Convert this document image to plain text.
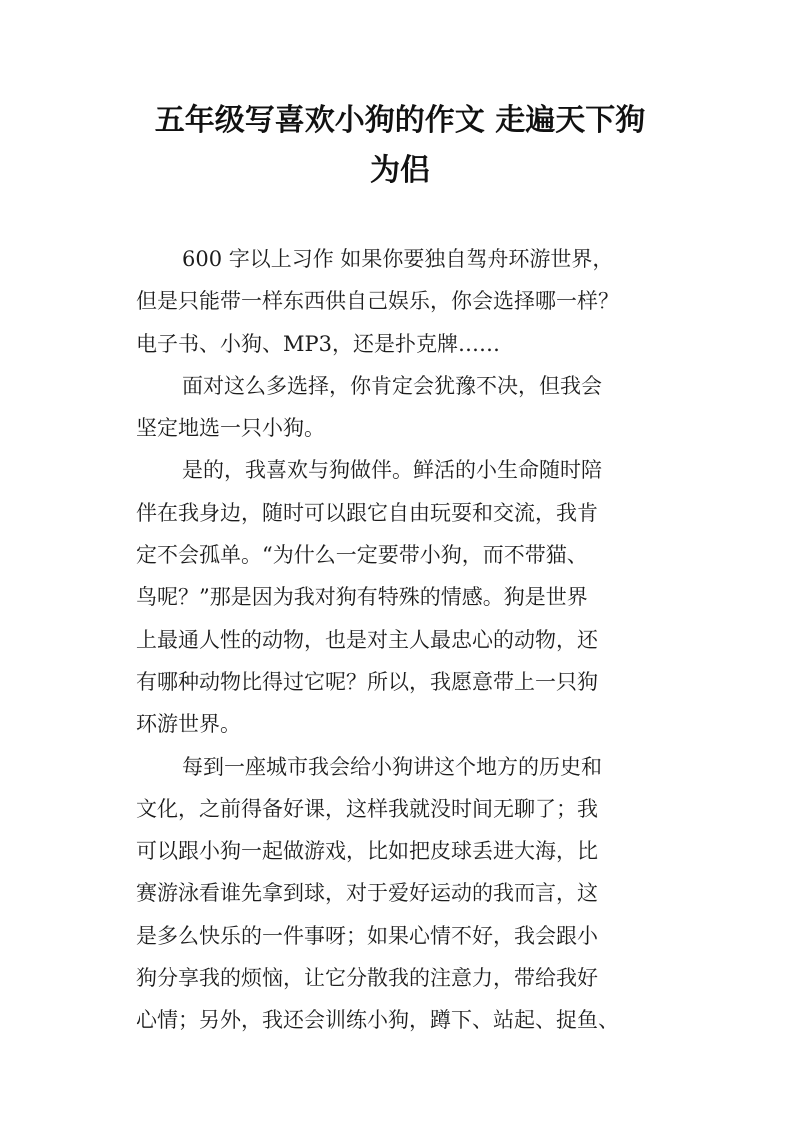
五年级写喜欢小狗的作文 走遍天下狗
为侣
600 字以上习作 如果你要独自驾舟环游世界，
但是只能带一样东西供自己娱乐，你会选择哪一样？
电子书、小狗、MP3，还是扑克牌……
面对这么多选择，你肯定会犹豫不决，但我会
坚定地选一只小狗。
是的，我喜欢与狗做伴。鲜活的小生命随时陪
伴在我身边，随时可以跟它自由玩耍和交流，我肯
定不会孤单。“为什么一定要带小狗，而不带猫、
鸟呢？”那是因为我对狗有特殊的情感。狗是世界
上最通人性的动物，也是对主人最忠心的动物，还
有哪种动物比得过它呢？所以，我愿意带上一只狗
环游世界。
每到一座城市我会给小狗讲这个地方的历史和
文化，之前得备好课，这样我就没时间无聊了；我
可以跟小狗一起做游戏，比如把皮球丢进大海，比
赛游泳看谁先拿到球，对于爱好运动的我而言，这
是多么快乐的一件事呀；如果心情不好，我会跟小
狗分享我的烦恼，让它分散我的注意力，带给我好
心情；另外，我还会训练小狗，蹲下、站起、捉鱼、
